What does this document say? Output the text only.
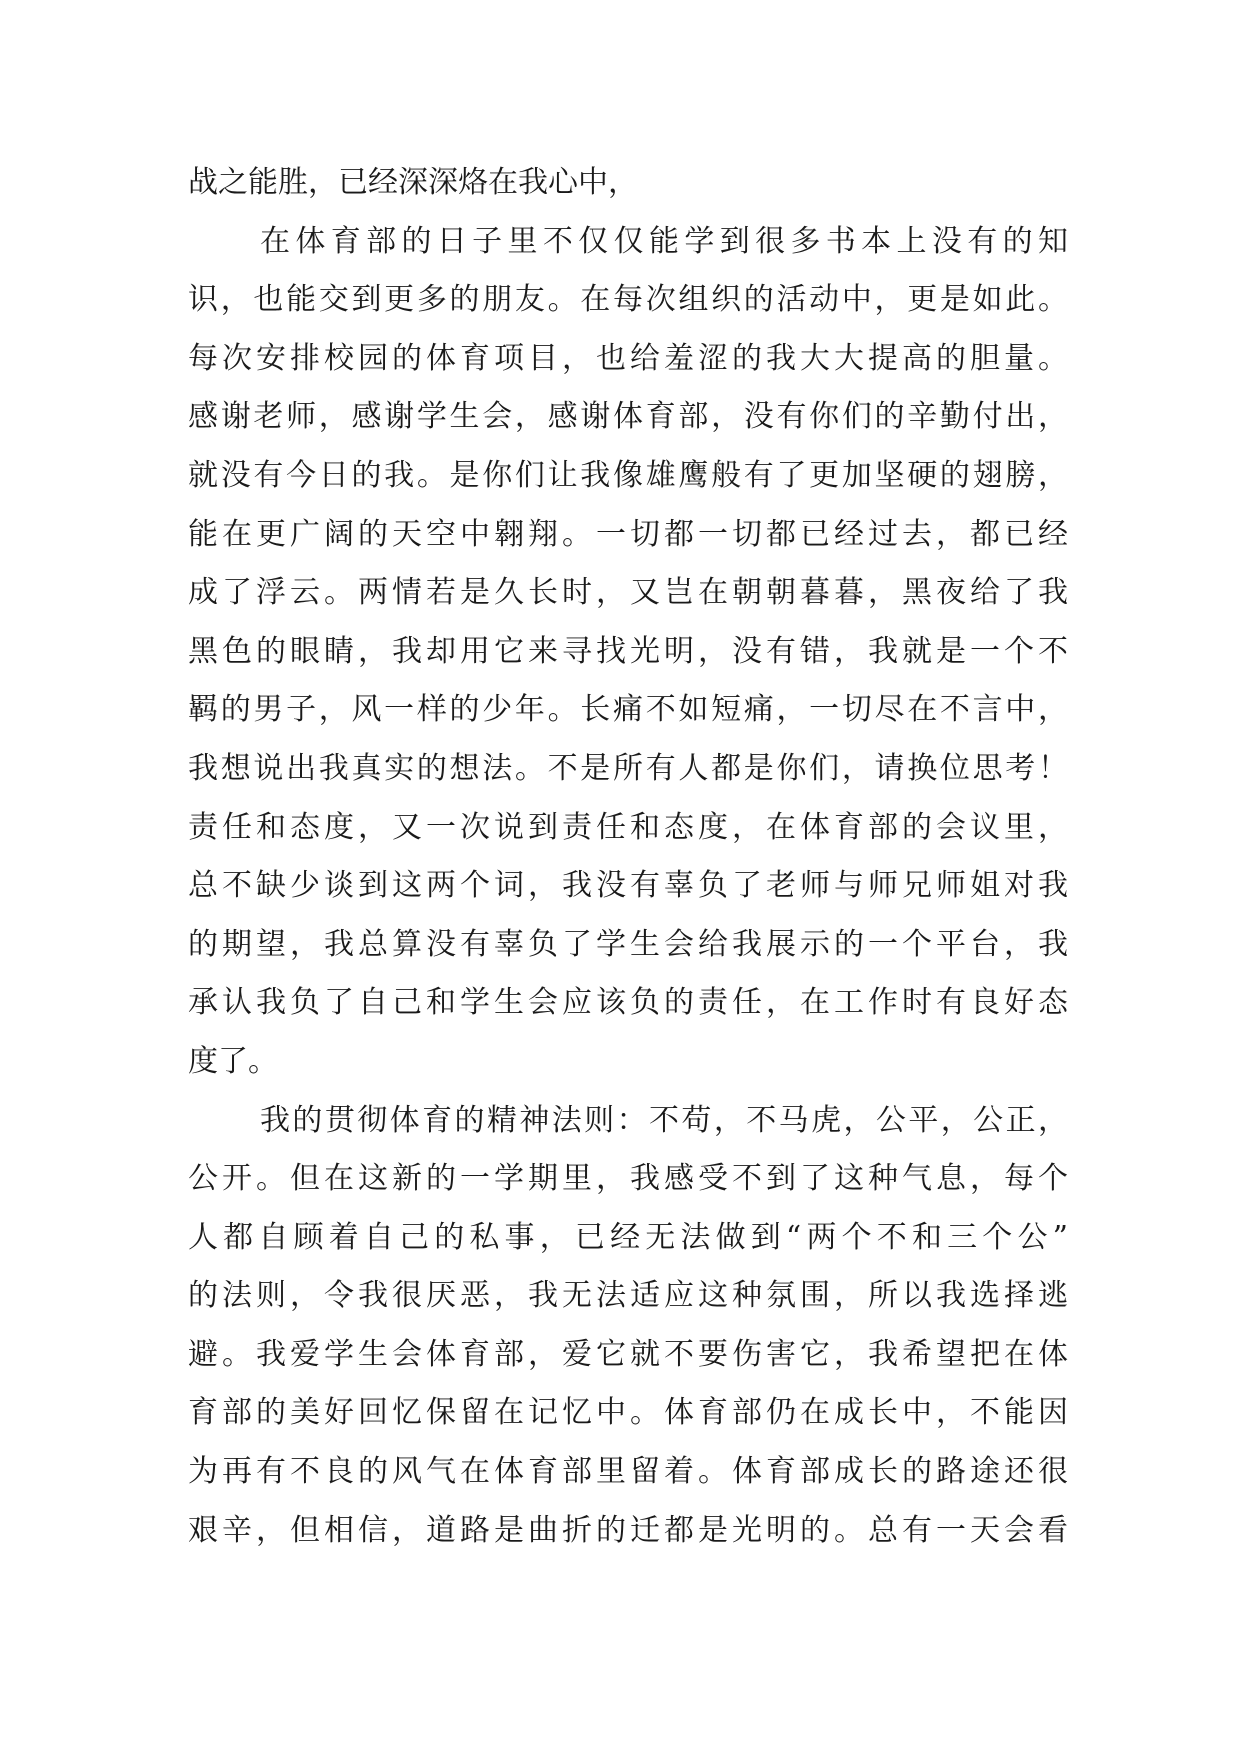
战之能胜，已经深深烙在我心中，
在体育部的日子里不仅仅能学到很多书本上没有的知
识，也能交到更多的朋友。在每次组织的活动中，更是如此。
每次安排校园的体育项目，也给羞涩的我大大提高的胆量。
感谢老师，感谢学生会，感谢体育部，没有你们的辛勤付出，
就没有今日的我。是你们让我像雄鹰般有了更加坚硬的翅膀，
能在更广阔的天空中翱翔。一切都一切都已经过去，都已经
成了浮云。两情若是久长时，又岂在朝朝暮暮，黑夜给了我
黑色的眼睛，我却用它来寻找光明，没有错，我就是一个不
羁的男子，风一样的少年。长痛不如短痛，一切尽在不言中，
我想说出我真实的想法。不是所有人都是你们，请换位思考！
责任和态度，又一次说到责任和态度，在体育部的会议里，
总不缺少谈到这两个词，我没有辜负了老师与师兄师姐对我
的期望，我总算没有辜负了学生会给我展示的一个平台，我
承认我负了自己和学生会应该负的责任，在工作时有良好态
度了。
我的贯彻体育的精神法则：不苟，不马虎，公平，公正，
公开。但在这新的一学期里，我感受不到了这种气息，每个
人都自顾着自己的私事，已经无法做到“两个不和三个公”
的法则，令我很厌恶，我无法适应这种氛围，所以我选择逃
避。我爱学生会体育部，爱它就不要伤害它，我希望把在体
育部的美好回忆保留在记忆中。体育部仍在成长中，不能因
为再有不良的风气在体育部里留着。体育部成长的路途还很
艰辛，但相信，道路是曲折的迁都是光明的。总有一天会看
